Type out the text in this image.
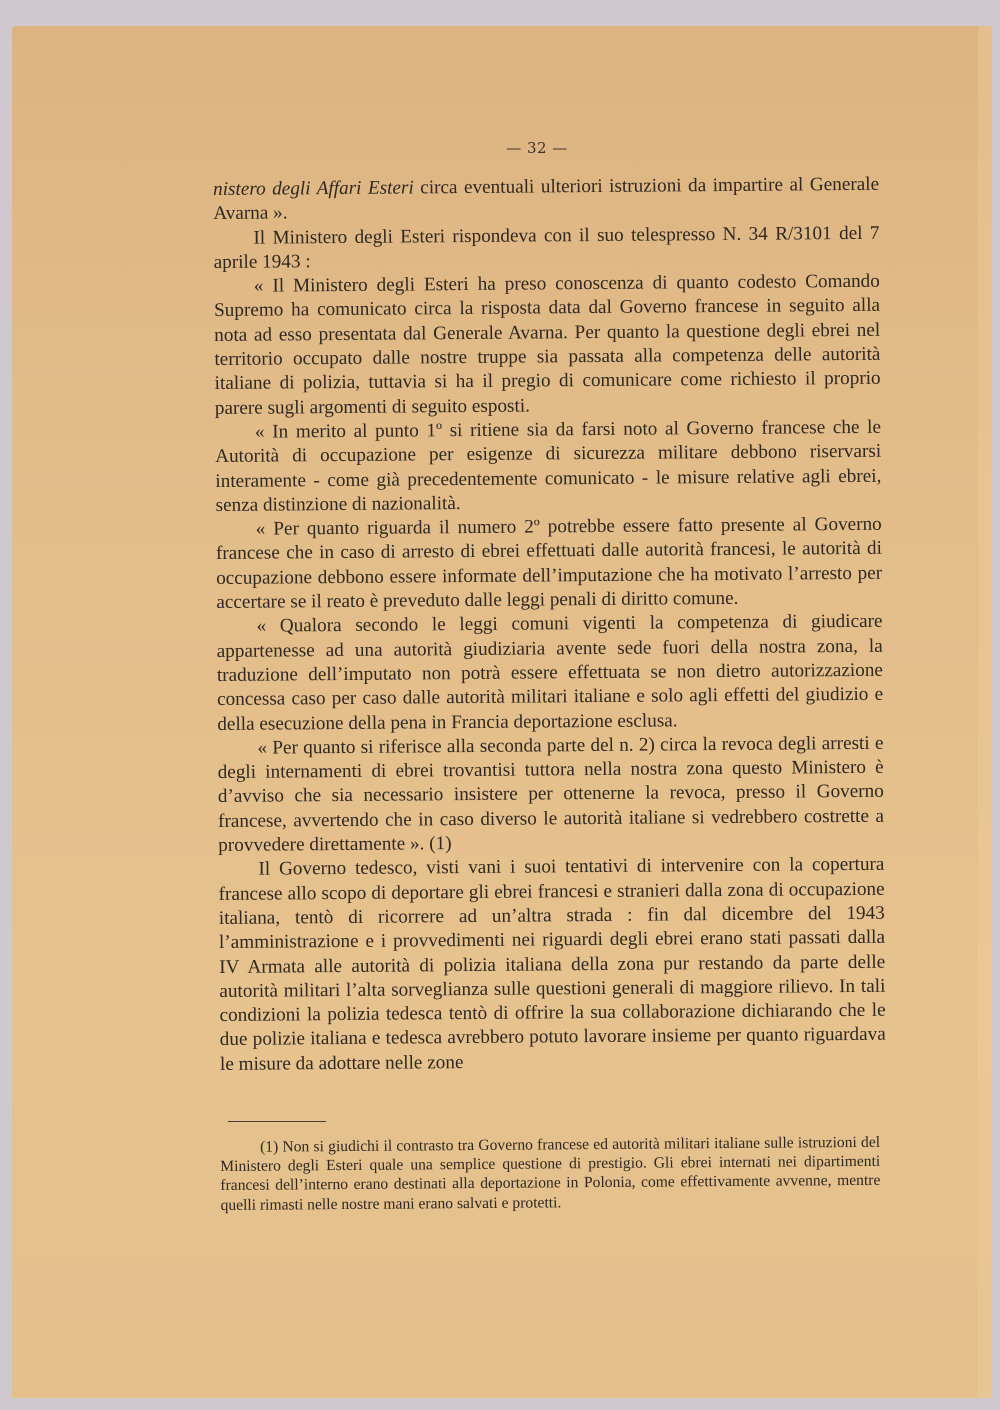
— 32 —

nistero degli Affari Esteri circa eventuali ulteriori istruzioni da impartire al Generale Avarna ».

Il Ministero degli Esteri rispondeva con il suo telespresso N. 34 R/3101 del 7 aprile 1943 :

« Il Ministero degli Esteri ha preso conoscenza di quanto codesto Comando Supremo ha comunicato circa la risposta data dal Governo francese in seguito alla nota ad esso presentata dal Generale Avarna. Per quanto la questione degli ebrei nel territorio occupato dalle nostre truppe sia passata alla competenza delle autorità italiane di polizia, tuttavia si ha il pregio di comunicare come richiesto il proprio parere sugli argomenti di seguito esposti.

« In merito al punto 1º si ritiene sia da farsi noto al Governo francese che le Autorità di occupazione per esigenze di sicurezza militare debbono riservarsi interamente - come già precedentemente comunicato - le misure relative agli ebrei, senza distinzione di nazionalità.

« Per quanto riguarda il numero 2º potrebbe essere fatto presente al Governo francese che in caso di arresto di ebrei effettuati dalle autorità francesi, le autorità di occupazione debbono essere informate dell’imputazione che ha motivato l’arresto per accertare se il reato è preveduto dalle leggi penali di diritto comune.

« Qualora secondo le leggi comuni vigenti la competenza di giudicare appartenesse ad una autorità giudiziaria avente sede fuori della nostra zona, la traduzione dell’imputato non potrà essere effettuata se non dietro autorizzazione concessa caso per caso dalle autorità militari italiane e solo agli effetti del giudizio e della esecuzione della pena in Francia deportazione esclusa.

« Per quanto si riferisce alla seconda parte del n. 2) circa la revoca degli arresti e degli internamenti di ebrei trovantisi tuttora nella nostra zona questo Ministero è d’avviso che sia necessario insistere per ottenerne la revoca, presso il Governo francese, avvertendo che in caso diverso le autorità italiane si vedrebbero costrette a provvedere direttamente ». (1)

Il Governo tedesco, visti vani i suoi tentativi di intervenire con la copertura francese allo scopo di deportare gli ebrei francesi e stranieri dalla zona di occupazione italiana, tentò di ricorrere ad un’altra strada : fin dal dicembre del 1943 l’amministrazione e i provvedimenti nei riguardi degli ebrei erano stati passati dalla IV Armata alle autorità di polizia italiana della zona pur restando da parte delle autorità militari l’alta sorveglianza sulle questioni generali di maggiore rilievo. In tali condizioni la polizia tedesca tentò di offrire la sua collaborazione dichiarando che le due polizie italiana e tedesca avrebbero potuto lavorare insieme per quanto riguardava le misure da adottare nelle zone

(1) Non si giudichi il contrasto tra Governo francese ed autorità militari italiane sulle istruzioni del Ministero degli Esteri quale una semplice questione di prestigio. Gli ebrei internati nei dipartimenti francesi dell’interno erano destinati alla deportazione in Polonia, come effettivamente avvenne, mentre quelli rimasti nelle nostre mani erano salvati e protetti.
